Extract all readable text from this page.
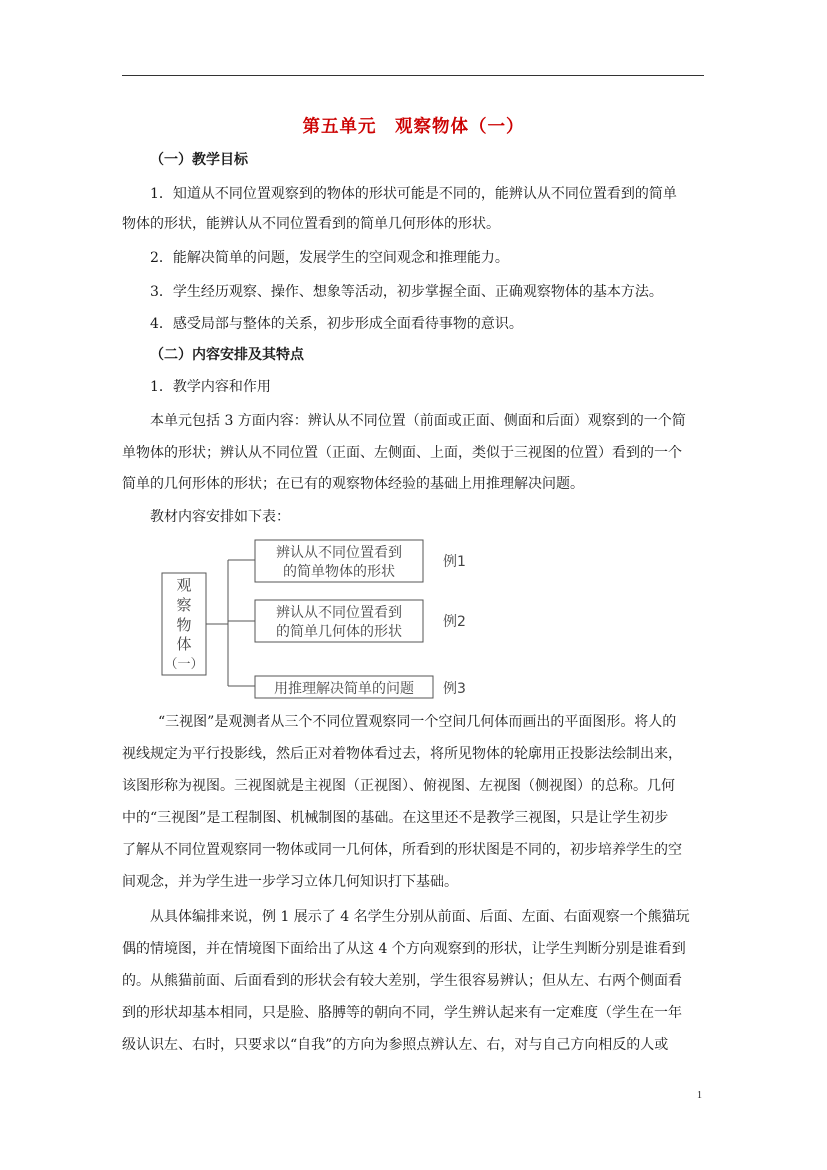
第五单元　观察物体（一）
（一）教学目标
1．知道从不同位置观察到的物体的形状可能是不同的，能辨认从不同位置看到的简单
物体的形状，能辨认从不同位置看到的简单几何形体的形状。
2．能解决简单的问题，发展学生的空间观念和推理能力。
3．学生经历观察、操作、想象等活动，初步掌握全面、正确观察物体的基本方法。
4．感受局部与整体的关系，初步形成全面看待事物的意识。
（二）内容安排及其特点
1．教学内容和作用
本单元包括 3 方面内容：辨认从不同位置（前面或正面、侧面和后面）观察到的一个简
单物体的形状；辨认从不同位置（正面、左侧面、上面，类似于三视图的位置）看到的一个
简单的几何形体的形状；在已有的观察物体经验的基础上用推理解决问题。
教材内容安排如下表：
观
察
物
体
（一）
辨认从不同位置看到
的简单物体的形状
例1
辨认从不同位置看到
的简单几何体的形状
例2
用推理解决简单的问题 例3
“三视图”是观测者从三个不同位置观察同一个空间几何体而画出的平面图形。将人的
视线规定为平行投影线，然后正对着物体看过去，将所见物体的轮廓用正投影法绘制出来，
该图形称为视图。三视图就是主视图（正视图）、俯视图、左视图（侧视图）的总称。几何
中的“三视图”是工程制图、机械制图的基础。在这里还不是教学三视图，只是让学生初步
了解从不同位置观察同一物体或同一几何体，所看到的形状图是不同的，初步培养学生的空
间观念，并为学生进一步学习立体几何知识打下基础。
从具体编排来说，例 1 展示了 4 名学生分别从前面、后面、左面、右面观察一个熊猫玩
偶的情境图，并在情境图下面给出了从这 4 个方向观察到的形状，让学生判断分别是谁看到
的。从熊猫前面、后面看到的形状会有较大差别，学生很容易辨认；但从左、右两个侧面看
到的形状却基本相同，只是脸、胳膊等的朝向不同，学生辨认起来有一定难度（学生在一年
级认识左、右时，只要求以“自我”的方向为参照点辨认左、右，对与自己方向相反的人或
1
